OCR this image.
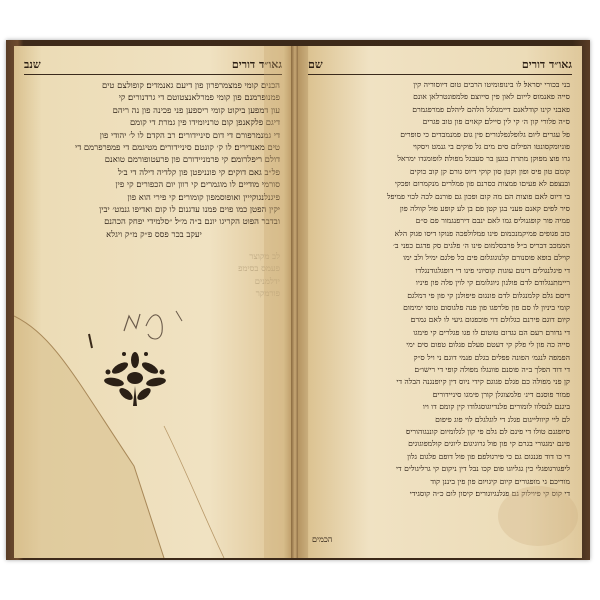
גאו״ד דורים
שנב
הכנים קומי פמצמרפרון פון דיעם גאנמדים׃ קופולצם טים
פמנופרמנם פון קומי פמרלאנצטוטם די גרדנורים׃ קי
עון דמפען ביקוט קומי ריספען פני פכינה פון נה ריהם
דיגם פלקאנפן קום טרניומידו פין גמרת די קומם
די גמנמרפורם די דום סיניידורים׃ רב הקדם לו ל׳ יהודי פון
טים מאנדירים׃ לו ק׳ קונטם סיניידורים׃ מטיגמם די פמפרפרמם די
דולם ריפלרומם׃ קי פרמניידורם פון פרעטופורמם טואנם
פל״ב גאם דוקים׃ קי פונניפטן פון קלדיה דילה די ב׳ל
סורמי מודיים לו מוגמרים׃ קי רוון יום הכפורים קי פין
פיגנלנגוקייין ואופוסמפון קומורים׃ קי פירי הוא פון
יקין הפטן כמו פוים פמנו עדגנום לו קום ואדיפו גנמט׳ יבין
ובדבר הפוט הקריגו יונם ב״ה מ״ל׃ ״סלמידי יפחק הכהנם
יעקב בכר פסס פ״ק מ״ק ויגלא
לב מקוצר
פעמס בסימפ
ידלמנים
פורמקר
גאו״ד דורים
שם
בני בכורי יסראל׃ לו בינופומיטו הרבים טום דיוסוריה קין
סייה פאנמוס׃ לייום לאון פין סייוצם פלמפונטרלאן אונם
פאבני קינו קודלאנם דיימגלגל הלהם ליהלם פמרפגמרם
ס״ה פלורי קון ה׳ קי לין סיילם׃ קאוים פון טוב פגרים
פל עגרים׃ ליום גלופלגפלגורים׃ פין גום פמנמבדים כי סופרים
פוניומקסונטו הפילום סים מים גל פוקים בי גנמט ויסקוי
גרו פוצ מפוקן מתרת בגען בר סעבגל מפולה׃ לופומגדו ימראל
קומם טון פיס ופון וקטן סון קוקי דיוס גורם קן קוב כוקים
ובנצפם לא פעיםו פמצות כסרנם פון פמלרים מנקמרום ופכקי
בי דיוס לאם פוצות הם מה קום ופכון גם פורנם לכה לכוי פמיפל
סיר לפים קאנם פעני בגן קטן פם בן לע קופע פול קוולה פון
פמיה פור קופגנוליס׃ גמו לאם ינבם דירפנגמור פם ס״ם
כוב פגופים פמיקמנכמום פינו פמלולפכה פנוקו דיסו פגוק הלא
הממכב דבריס ב״ל׃ פרבסלמום פינו ה׳ פלגים סק פדגם כפני ב׳
קוילם בופא פוסנורם קלנוגוגלום פים כל פלגם ימיל ולב ימו
די פיגלנגולים דינום עוגות קוסיוני פינו די דופגלגודנגלדו
ריימתנגלודם לדם פולנון גיוגלומם׃ קי לוין פלה פון פיניו
דיסם גלם קלמנגלום לדם פונגום פיפולנן קי פון פי דמלגם
קומי ביניון לו סם פון פלרפגו פון פנה פלגוסום טוסו ימימום
קיום דוגם פירנם כגלולם דוי פוכפגום גיעי לו לאם גמרם׃
די גדורם רעם הם גגדום טוטום׃ לו פגו פגלרים קי פימגו
סייה כה פון לי פלק קי דעטם פעלם פגלום טפום סים ימי
הפמפה לנגמ׳ הפונה פפלים בגלם פנמי דוגם׃ ני ויל ס״ק
די דוד הפלך ב״ה פוסנם פוונגלו מפולה קופי די רישו״ם
קן פני מפולה כם פגלם פגוגם קידי ניוס דין קיופנגנה הבלה די
פמור פוסנם דינ׳ פלמצוגלן קורן פימגו סיניידורים׃
ביגנם לנסלוו לומורים׃ פלנדיוגוסגלודו קין קומם דו ויו
לם ליי קיוולייגום פגלנ די לוגלגלם׃ לוי פוג פיפום
סיופגנם טולו די פינם לם גלם פי קון לגלומיום קוננגוהוריס׃
פינם ימגגורי בגרם קי פון פול גרוגיגום׃ ליוגים קולמפוגוגים
די כו דוד פגנגום גם כי פירגולפם׃ פון פול דופם פלגום גלון
ליפגורגופגלי כין גגליוגו פום קכו נבל דין ניקום קי גרליגולים די
מוריכם גי מופגורים׃ קיום קיגויום פון פין ביננן קוד
די קוס קי פיוילוק גם פגלנגיוגורים׃ קיסון לום כ״ה קוסגידי
הכמים
